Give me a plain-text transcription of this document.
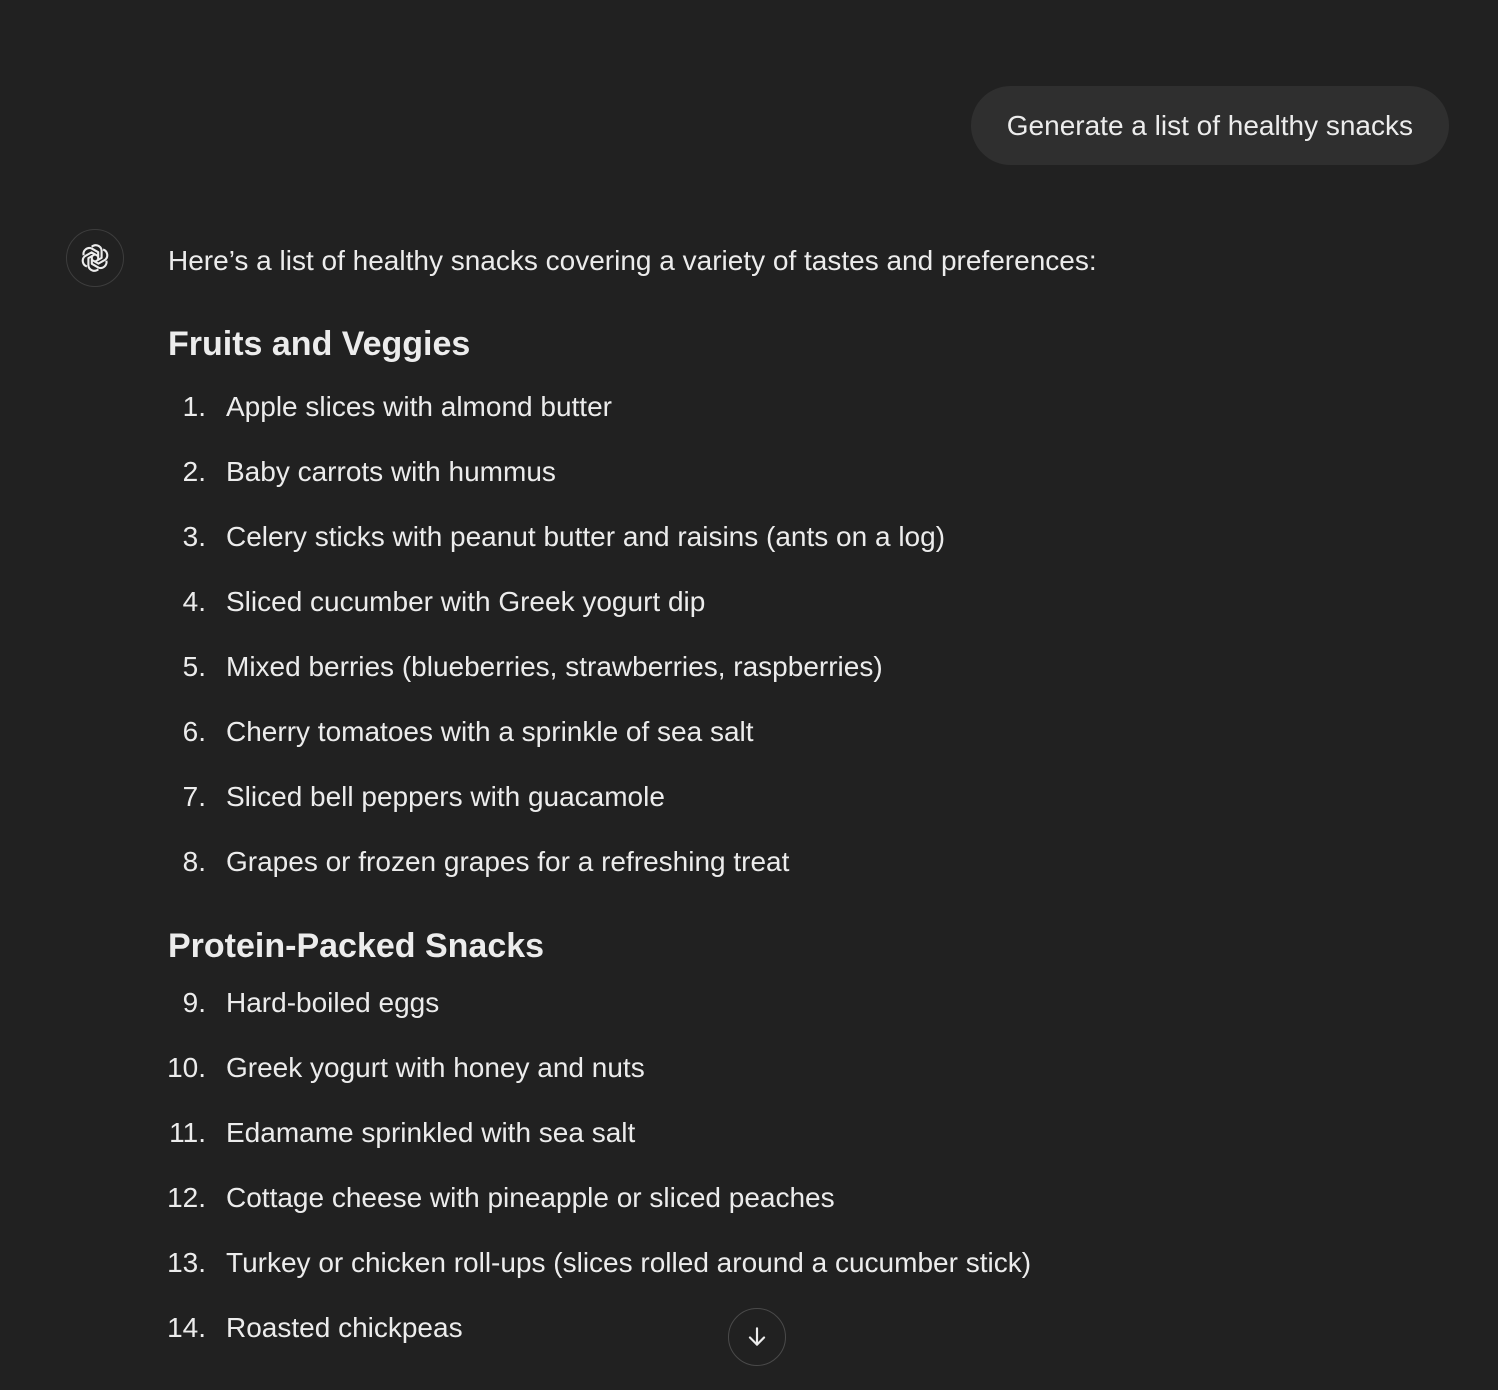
Generate a list of healthy snacks

Here’s a list of healthy snacks covering a variety of tastes and preferences:

Fruits and Veggies
1. Apple slices with almond butter
2. Baby carrots with hummus
3. Celery sticks with peanut butter and raisins (ants on a log)
4. Sliced cucumber with Greek yogurt dip
5. Mixed berries (blueberries, strawberries, raspberries)
6. Cherry tomatoes with a sprinkle of sea salt
7. Sliced bell peppers with guacamole
8. Grapes or frozen grapes for a refreshing treat
Protein-Packed Snacks
9. Hard-boiled eggs
10. Greek yogurt with honey and nuts
11. Edamame sprinkled with sea salt
12. Cottage cheese with pineapple or sliced peaches
13. Turkey or chicken roll-ups (slices rolled around a cucumber stick)
14. Roasted chickpeas
